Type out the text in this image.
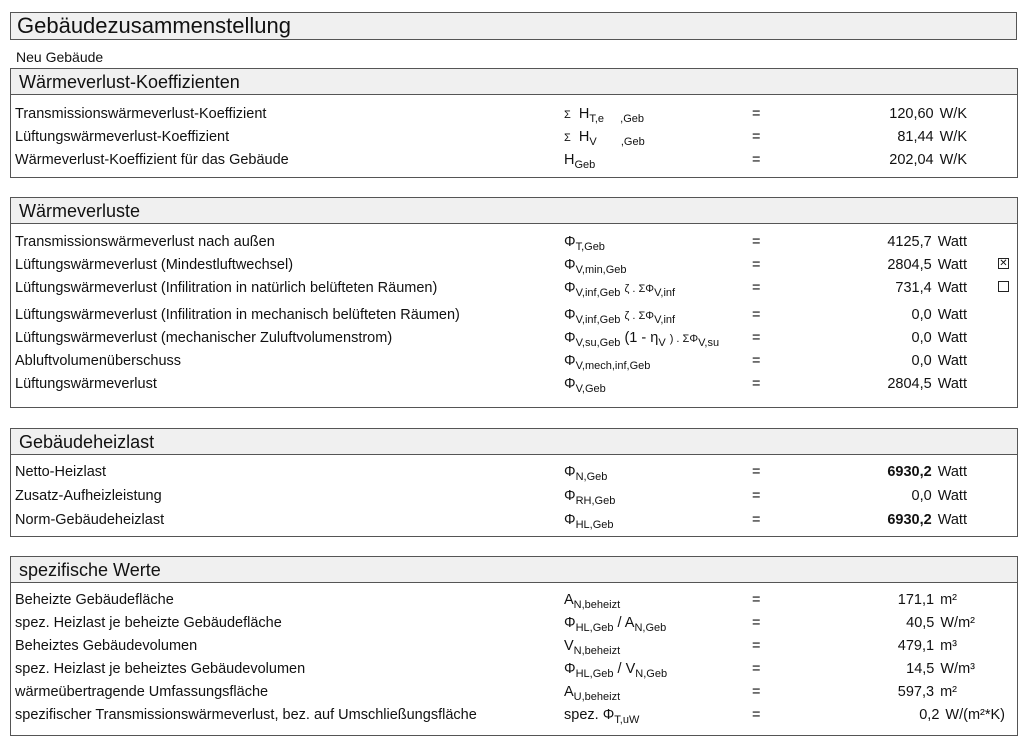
Gebäudezusammenstellung
Neu Gebäude
Wärmeverlust-Koeffizienten
Transmissionswärmeverlust-Koeffizient	Σ $H_{T,e}$ $_{,Geb}$	=	120,60 W/K
Lüftungswärmeverlust-Koeffizient	Σ $H_V$ $_{,Geb}$	=	81,44 W/K
Wärmeverlust-Koeffizient für das Gebäude	$H_{Geb}$	=	202,04 W/K
Wärmeverluste
Transmissionswärmeverlust nach außen	$\Phi_{T,Geb}$	=	4125,7 Watt
Lüftungswärmeverlust (Mindestluftwechsel)	$\Phi_{V,min,Geb}$	=	2804,5 Watt	✕
Lüftungswärmeverlust (Infilitration in natürlich belüfteten Räumen)	$\Phi_{V,inf,Geb}$ ζ . $\Sigma\Phi_{V,inf}$	=	731,4 Watt
Lüftungswärmeverlust (Infilitration in mechanisch belüfteten Räumen)	$\Phi_{V,inf,Geb}$ ζ . $\Sigma\Phi_{V,inf}$	=	0,0 Watt
Lüftungswärmeverlust (mechanischer Zuluftvolumenstrom)	$\Phi_{V,su,Geb}$ ($1 - \eta_V$ ) . $\Sigma\Phi_{V,su}$ =	0,0 Watt
Abluftvolumenüberschuss	$\Phi_{V,mech,inf,Geb}$	=	0,0 Watt
Lüftungswärmeverlust	$\Phi_{V,Geb}$	=	2804,5 Watt
Gebäudeheizlast
Netto-Heizlast	$\Phi_{N,Geb}$	=	6930,2 Watt
Zusatz-Aufheizleistung	$\Phi_{RH,Geb}$	=	0,0 Watt
Norm-Gebäudeheizlast	$\Phi_{HL,Geb}$	=	6930,2 Watt
spezifische Werte
Beheizte Gebäudefläche	$A_{N,beheizt}$	=	171,1 m²
spez. Heizlast je beheizte Gebäudefläche	$\Phi_{HL,Geb} / A_{N,Geb}$	=	40,5 W/m²
Beheiztes Gebäudevolumen	$V_{N,beheizt}$	=	479,1 m³
spez. Heizlast je beheiztes Gebäudevolumen	$\Phi_{HL,Geb} / V_{N,Geb}$	=	14,5 W/m³
wärmeübertragende Umfassungsfläche	$A_{U,beheizt}$	=	597,3 m²
spezifischer Transmissionswärmeverlust, bez. auf Umschließungsfläche	spez. $\Phi_{T,uW}$	=	0,2 W/(m²*K)
